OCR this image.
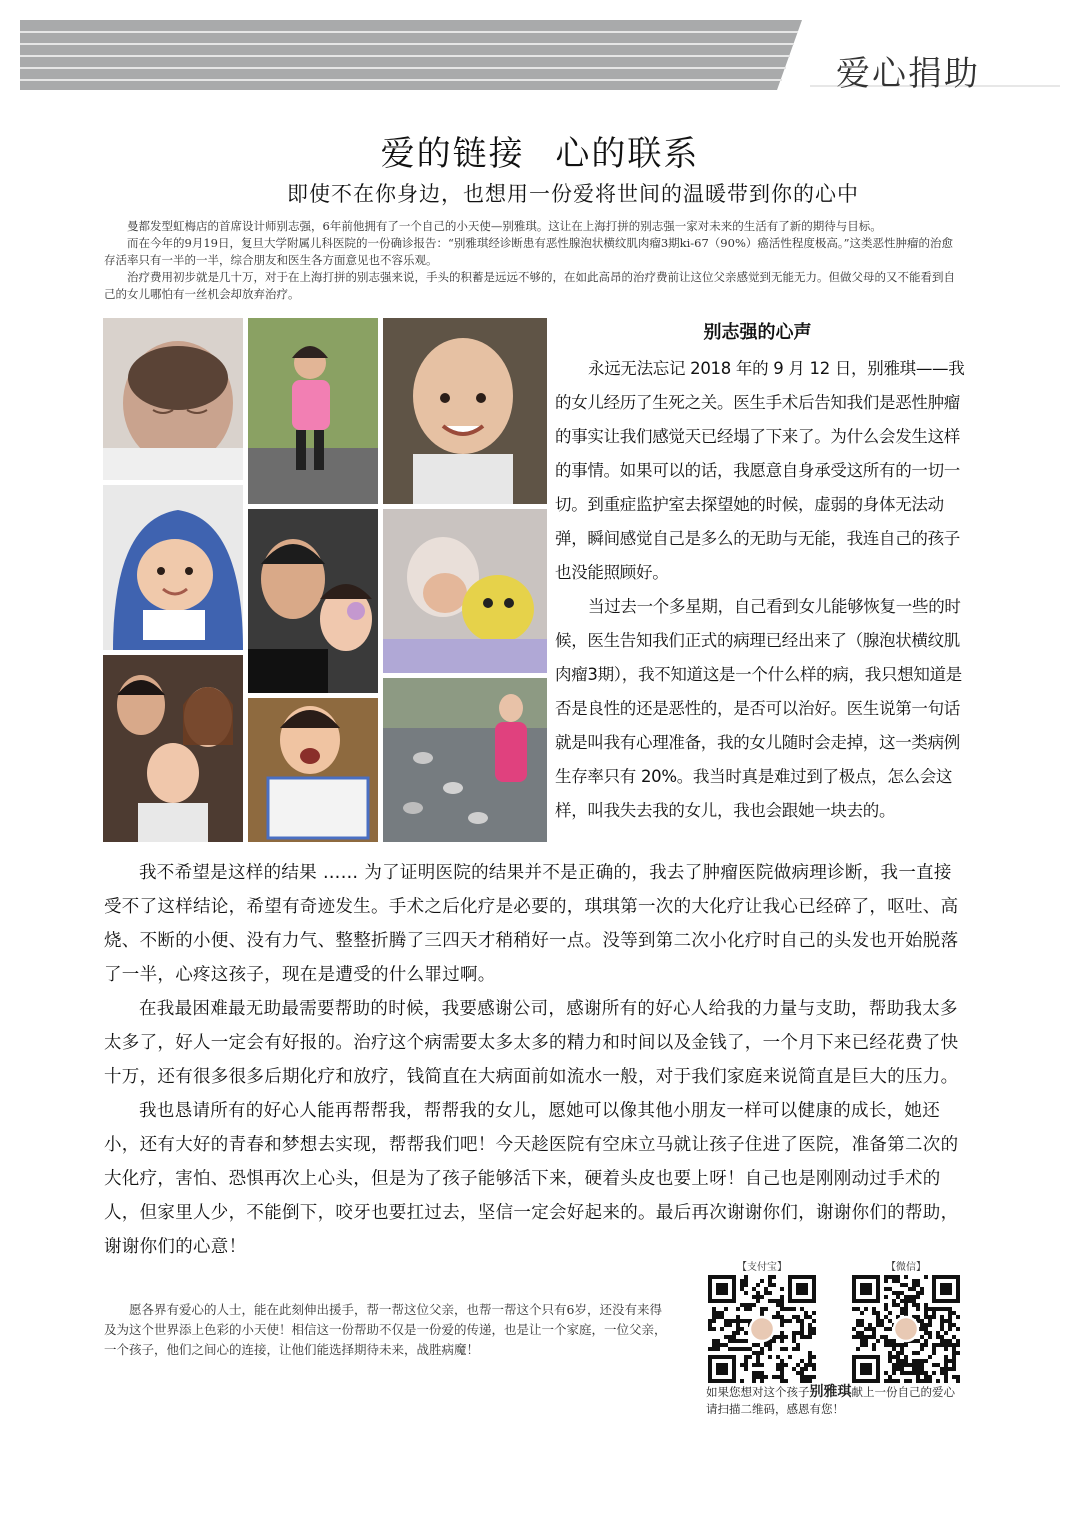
爱心捐助
爱的链接 心的联系
即使不在你身边，也想用一份爱将世间的温暖带到你的心中

曼都发型虹梅店的首席设计师别志强，6年前他拥有了一个自己的小天使—别雅琪。这让在上海打拼的别志强一家对未来的生活有了新的期待与目标。

而在今年的9月19日，复旦大学附属儿科医院的一份确诊报告：“别雅琪经诊断患有恶性腺泡状横纹肌肉瘤3期ki-67（90%）癌活性程度极高。”这类恶性肿瘤的治愈存活率只有一半的一半，综合朋友和医生各方面意见也不容乐观。

治疗费用初步就是几十万，对于在上海打拼的别志强来说，手头的积蓄是远远不够的，在如此高昂的治疗费前让这位父亲感觉到无能无力。但做父母的又不能看到自己的女儿哪怕有一丝机会却放弃治疗。

别志强的心声

永远无法忘记 2018 年的 9 月 12 日，别雅琪——我的女儿经历了生死之关。医生手术后告知我们是恶性肿瘤的事实让我们感觉天已经塌了下来了。为什么会发生这样的事情。如果可以的话，我愿意自身承受这所有的一切一切。到重症监护室去探望她的时候，虚弱的身体无法动弹，瞬间感觉自己是多么的无助与无能，我连自己的孩子也没能照顾好。

当过去一个多星期，自己看到女儿能够恢复一些的时候，医生告知我们正式的病理已经出来了（腺泡状横纹肌肉瘤3期），我不知道这是一个什么样的病，我只想知道是否是良性的还是恶性的，是否可以治好。医生说第一句话就是叫我有心理准备，我的女儿随时会走掉，这一类病例生存率只有 20%。我当时真是难过到了极点，怎么会这样，叫我失去我的女儿，我也会跟她一块去的。

我不希望是这样的结果 …… 为了证明医院的结果并不是正确的，我去了肿瘤医院做病理诊断，我一直接受不了这样结论，希望有奇迹发生。手术之后化疗是必要的，琪琪第一次的大化疗让我心已经碎了，呕吐、高烧、不断的小便、没有力气、整整折腾了三四天才稍稍好一点。没等到第二次小化疗时自己的头发也开始脱落了一半，心疼这孩子，现在是遭受的什么罪过啊。

在我最困难最无助最需要帮助的时候，我要感谢公司，感谢所有的好心人给我的力量与支助，帮助我太多太多了，好人一定会有好报的。治疗这个病需要太多太多的精力和时间以及金钱了，一个月下来已经花费了快十万，还有很多很多后期化疗和放疗，钱简直在大病面前如流水一般，对于我们家庭来说简直是巨大的压力。

我也恳请所有的好心人能再帮帮我，帮帮我的女儿，愿她可以像其他小朋友一样可以健康的成长，她还小，还有大好的青春和梦想去实现，帮帮我们吧！今天趁医院有空床立马就让孩子住进了医院，准备第二次的大化疗，害怕、恐惧再次上心头，但是为了孩子能够活下来，硬着头皮也要上呀！自己也是刚刚动过手术的人，但家里人少，不能倒下，咬牙也要扛过去，坚信一定会好起来的。最后再次谢谢你们，谢谢你们的帮助，谢谢你们的心意！

愿各界有爱心的人士，能在此刻伸出援手，帮一帮这位父亲，也帮一帮这个只有6岁，还没有来得及为这个世界添上色彩的小天使！相信这一份帮助不仅是一份爱的传递，也是让一个家庭，一位父亲，一个孩子，他们之间心的连接，让他们能选择期待未来，战胜病魔！

【支付宝】	【微信】
如果您想对这个孩子别雅琪献上一份自己的爱心
请扫描二维码，感恩有您！
